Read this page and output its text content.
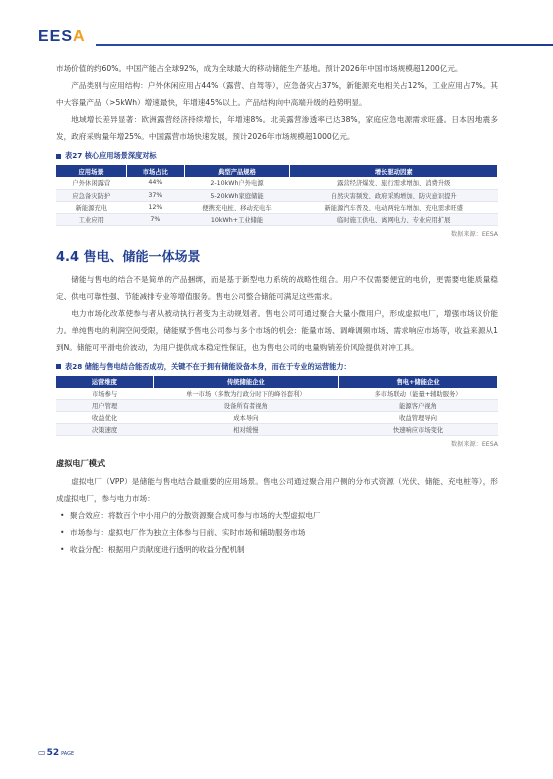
EESA

市场价值的约60%。中国产能占全球92%，成为全球最大的移动储能生产基地。预计2026年中国市场规模超1200亿元。

产品类别与应用结构：户外休闲应用占44%（露营、自驾等），应急备灾占37%，新能源充电相关占12%，工业应用占7%。其中大容量产品（>5kWh）增速最快，年增速45%以上。产品结构向中高端升级的趋势明显。

地域增长差异显著：欧洲露营经济持续增长，年增速8%。北美露营渗透率已达38%，家庭应急电源需求旺盛。日本因地震多发，政府采购量年增25%。中国露营市场快速发展，预计2026年市场规模超1000亿元。

表27 核心应用场景深度对标
应用场景	市场占比	典型产品规格	增长驱动因素
户外休闲露营	44%	2-10kWh户外电源	露营经济爆发、旅行需求增加、消费升级
应急备灾防护	37%	5-20kWh家庭储能	自然灾害频发、政府采购增加、防灾意识提升
新能源充电	12%	便携充电桩、移动充电车	新能源汽车普及、电动两轮车增加、充电需求旺盛
工业应用	7%	10kWh+工业储能	临时施工供电、离网电力、专业应用扩展
数据来源：EESA
4.4 售电、储能一体场景

储能与售电的结合不是简单的产品捆绑，而是基于新型电力系统的战略性组合。用户不仅需要便宜的电价，更需要电能质量稳定、供电可靠性强、节能减排专业等增值服务。售电公司整合储能可满足这些需求。

电力市场化改革使参与者从被动执行者变为主动规划者。售电公司可通过聚合大量小微用户，形成虚拟电厂，增强市场议价能力。单纯售电的利润空间受限，储能赋予售电公司参与多个市场的机会：能量市场、调峰调频市场、需求响应市场等，收益来源从1到N。储能可平滑电价波动，为用户提供成本稳定性保证，也为售电公司的电量购销差价风险提供对冲工具。

表28 储能与售电结合能否成功，关键不在于拥有储能设备本身，而在于专业的运营能力：
运营维度	传统储能企业	售电+储能企业
市场参与	单一市场（多数为行政分时下的峰谷套利）	多市场联动（能量+辅助服务）
用户管理	设备所有者视角	能源客户视角
收益优化	成本导向	收益管理导向
决策速度	相对缓慢	快速响应市场变化
数据来源：EESA
虚拟电厂模式

虚拟电厂（VPP）是储能与售电结合最重要的应用场景。售电公司通过聚合用户侧的分布式资源（光伏、储能、充电桩等），形成虚拟电厂，参与电力市场：

• 聚合效应：将数百个中小用户的分散资源聚合成可参与市场的大型虚拟电厂
• 市场参与：虚拟电厂作为独立主体参与日前、实时市场和辅助服务市场
• 收益分配：根据用户贡献度进行透明的收益分配机制
▭ 52 PAGE
